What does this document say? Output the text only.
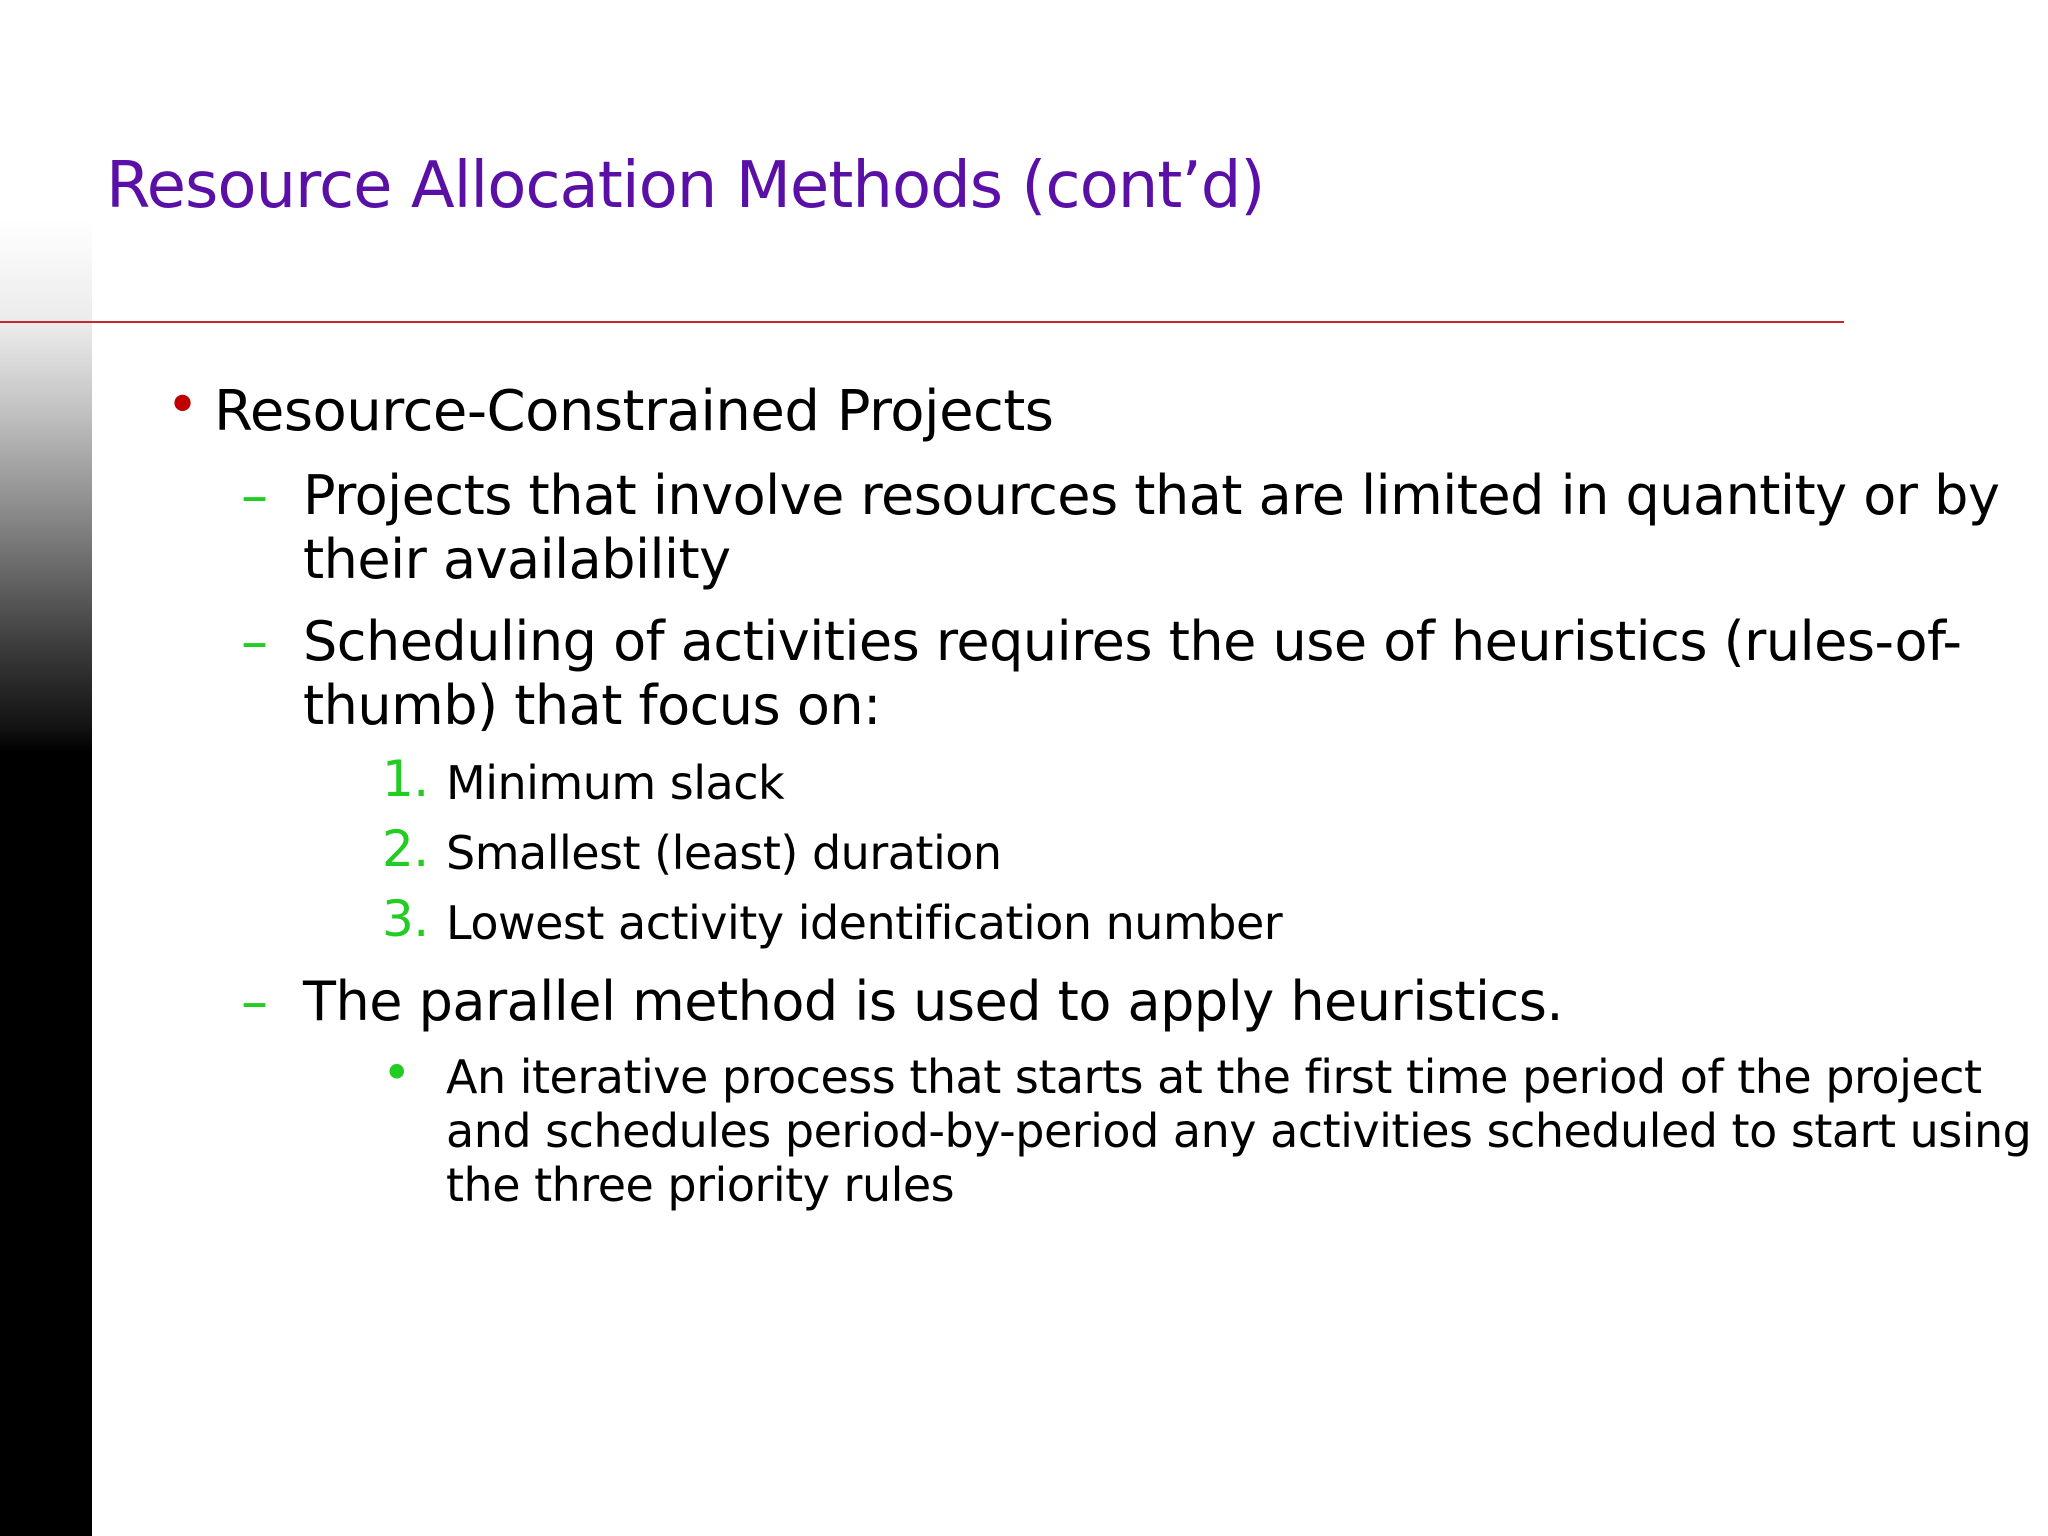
Resource Allocation Methods (cont’d)
• Resource-Constrained Projects
– Projects that involve resources that are limited in quantity or by their availability
– Scheduling of activities requires the use of heuristics (rules-of-thumb) that focus on:
1. Minimum slack
2. Smallest (least) duration
3. Lowest activity identification number
– The parallel method is used to apply heuristics.
• An iterative process that starts at the first time period of the project and schedules period-by-period any activities scheduled to start using the three priority rules
